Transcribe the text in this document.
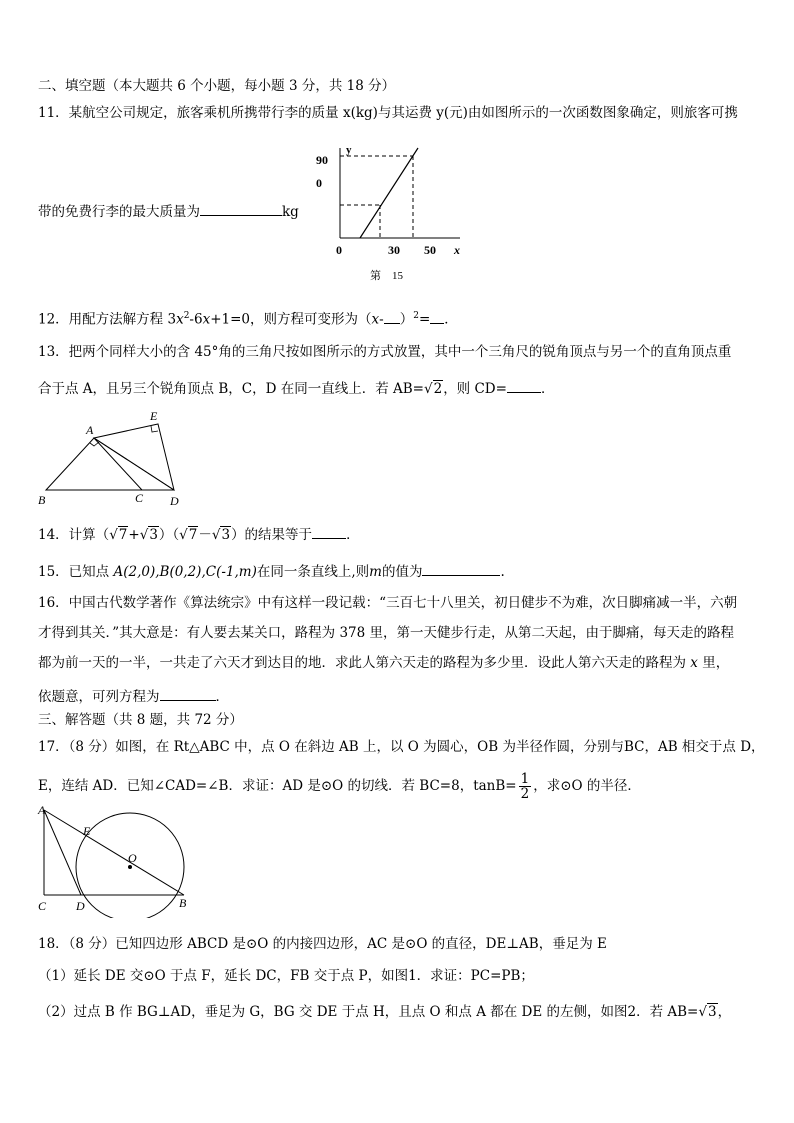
二、填空题（本大题共 6 个小题，每小题 3 分，共 18 分）
11．某航空公司规定，旅客乘机所携带行李的质量 x(kg)与其运费 y(元)由如图所示的一次函数图象确定，则旅客可携
带的免费行李的最大质量为	kg
y
90
0
0	30 50 x
第　15
12．用配方法解方程 $3x^2-6x+1=0$，则方程可变形为（x- ）$^2$= ．
13．把两个同样大小的含 45°角的三角尺按如图所示的方式放置，其中一个三角尺的锐角顶点与另一个的直角顶点重
合于点 A，且另三个锐角顶点 B，C，D 在同一直线上．若 AB=√2，则 CD=	．
A
B	C D
E
14．计算（√7+√3）（√7－√3）的结果等于	．
15．已知点 A(2,0),B(0,2),C(-1,m)在同一条直线上,则m的值为	.
16．中国古代数学著作《算法统宗》中有这样一段记载：“三百七十八里关，初日健步不为难，次日脚痛减一半，六朝
才得到其关．”其大意是：有人要去某关口，路程为 378 里，第一天健步行走，从第二天起，由于脚痛，每天走的路程
都为前一天的一半，一共走了六天才到达目的地．求此人第六天走的路程为多少里．设此人第六天走的路程为 x 里，
依题意，可列方程为	．
三、解答题（共 8 题，共 72 分）
17．（8 分）如图，在 Rt△ABC 中，点 O 在斜边 AB 上，以 O 为圆心，OB 为半径作圆，分别与BC，AB 相交于点 D，
E，连结 AD．已知∠CAD=∠B．求证：AD 是⊙O 的切线．若 BC=8，$\tan B= \frac{1}{2}$ ，求⊙O 的半径．
A
E
O
C D	B
18．（8 分）已知四边形 ABCD 是⊙O 的内接四边形，AC 是⊙O 的直径，DE⊥AB，垂足为 E
（1）延长 DE 交⊙O 于点 F，延长 DC，FB 交于点 P，如图1．求证：PC=PB；
（2）过点 B 作 BG⊥AD，垂足为 G，BG 交 DE 于点 H，且点 O 和点 A 都在 DE 的左侧，如图2．若 AB=√3，
